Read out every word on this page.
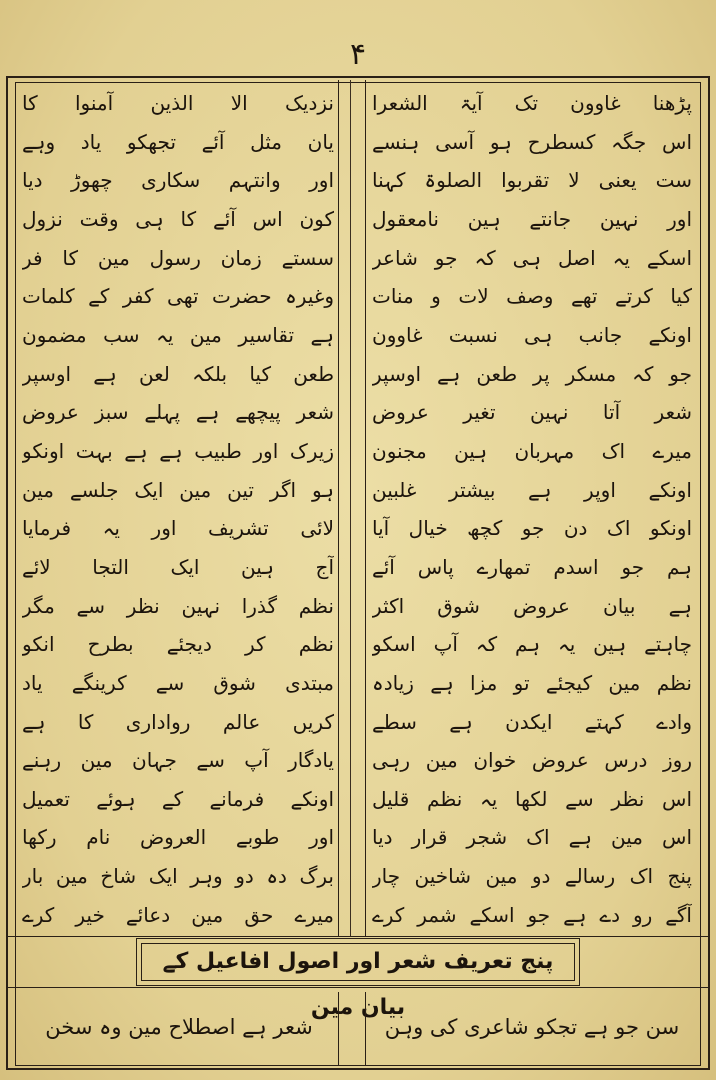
۴
پڑھنا غاوون تک آیۃ الشعرا
اس جگہ کسطرح ہو آسی ہنسے
ست یعنی لا تقربوا الصلوۃ کہنا
اور نہین جانتے ہین نامعقول
اسکے یہ اصل ہی کہ جو شاعر
کیا کرتے تھے وصف لات و منات
اونکے جانب ہی نسبت غاوون
جو کہ مسکر پر طعن ہے اوسپر
شعر آتا نہین تغیر عروض
میرے اک مہربان ہین مجنون
اونکے اوپر ہے بیشتر غلبین
اونکو اک دن جو کچھ خیال آیا
ہم جو اسدم تمھارے پاس آئے
ہے بیان عروض شوق اکثر
چاہتے ہین یہ ہم کہ آپ اسکو
نظم مین کیجئے تو مزا ہے زیادہ
وادے کہتے ایکدن ہے سطے
روز درس عروض خوان مین رہی
اس نظر سے لکھا یہ نظم قلیل
اس مین ہے اک شجر قرار دیا
پنج اک رسالے دو مین شاخین چار
آگے رو دے ہے جو اسکے شمر کرے
نزدیک الا الذین آمنوا کا
یان مثل آئے تجھکو یاد وہے
اور وانتہم سکاری چھوڑ دیا
کون اس آئے کا ہی وقت نزول
سستے زمان رسول مین کا فر
وغیرہ حضرت تھی کفر کے کلمات
ہے تقاسیر مین یہ سب مضمون
طعن کیا بلکہ لعن ہے اوسپر
شعر پیچھے ہے پہلے سبز عروض
زیرک اور طبیب ہے ہے بہت اونکو
ہو اگر تین مین ایک جلسے مین
لائی تشریف اور یہ فرمایا
آج ہین ایک التجا لائے
نظم گذرا نہین نظر سے مگر
نظم کر دیجئے بطرح انکو
مبتدی شوق سے کرینگے یاد
کریں عالم رواداری کا ہے
یادگار آپ سے جہان مین رہنے
اونکے فرمانے کے ہوئے تعمیل
اور طوبے العروض نام رکھا
برگ دہ دو وہر ایک شاخ مین بار
میرے حق مین دعائے خیر کرے
پنج تعریف شعر اور اصول افاعیل کے بیان مین
سن جو ہے تجکو شاعری کی وہن
شعر ہے اصطلاح مین وہ سخن
